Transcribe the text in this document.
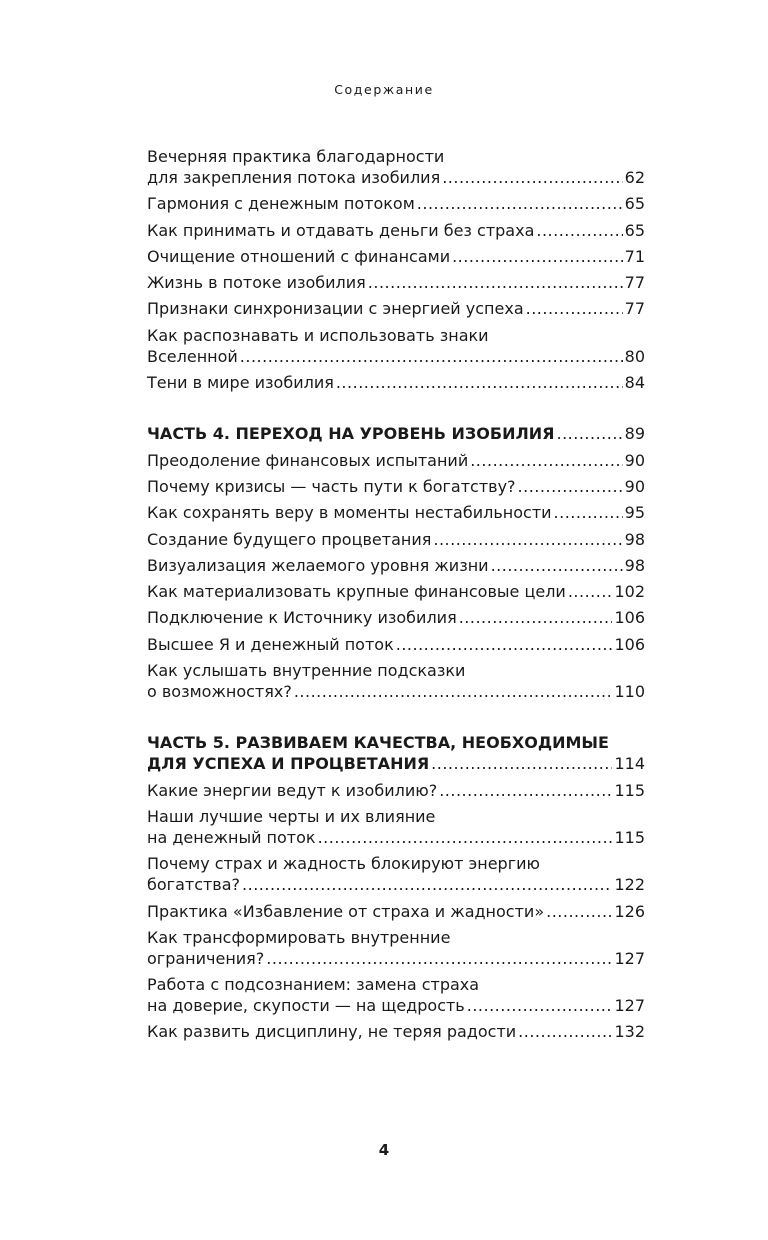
Содержание
Вечерняя практика благодарности
для закрепления потока изобилия .....	62
Гармония с денежным потоком .....	65
Как принимать и отдавать деньги без страха .....	65
Очищение отношений с финансами .....	71
Жизнь в потоке изобилия .....	77
Признаки синхронизации с энергией успеха .....	77
Как распознавать и использовать знаки
Вселенной .....	80
Тени в мире изобилия .....	84
ЧАСТЬ 4. ПЕРЕХОД НА УРОВЕНЬ ИЗОБИЛИЯ .....	89
Преодоление финансовых испытаний .....	90
Почему кризисы — часть пути к богатству? .....	90
Как сохранять веру в моменты нестабильности .....	95
Создание будущего процветания .....	98
Визуализация желаемого уровня жизни .....	98
Как материализовать крупные финансовые цели .....	102
Подключение к Источнику изобилия .....	106
Высшее Я и денежный поток .....	106
Как услышать внутренние подсказки
о возможностях? .....	110
ЧАСТЬ 5. РАЗВИВАЕМ КАЧЕСТВА, НЕОБХОДИМЫЕ
ДЛЯ УСПЕХА И ПРОЦВЕТАНИЯ .....	114
Какие энергии ведут к изобилию? .....	115
Наши лучшие черты и их влияние
на денежный поток .....	115
Почему страх и жадность блокируют энергию
богатства? .....	122
Практика «Избавление от страха и жадности» .....	126
Как трансформировать внутренние
ограничения? .....	127
Работа с подсознанием: замена страха
на доверие, скупости — на щедрость .....	127
Как развить дисциплину, не теряя радости .....	132
4
